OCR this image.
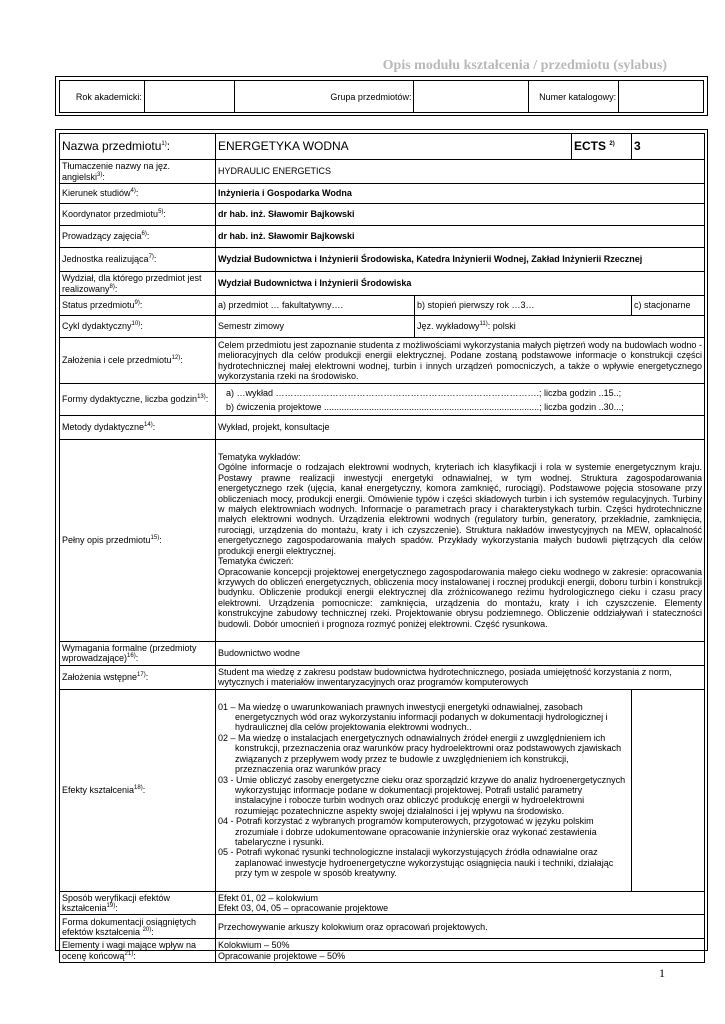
Opis modułu kształcenia / przedmiotu (sylabus)
Rok akademicki:		Grupa przedmiotów:		Numer katalogowy:	
Nazwa przedmiotu$^{1)}$:	ENERGETYKA WODNA		ECTS $^{2)}$	3
Tłumaczenie nazwy na jęz. angielski$^{3)}$:	HYDRAULIC ENERGETICS			
Kierunek studiów$^{4)}$:	Inżynieria i Gospodarka Wodna			
Koordynator przedmiotu$^{5)}$:	dr hab. inż. Sławomir Bajkowski			
Prowadzący zajęcia$^{6)}$:	dr hab. inż. Sławomir Bajkowski			
Jednostka realizująca$^{7)}$:	Wydział Budownictwa i Inżynierii Środowiska, Katedra Inżynierii Wodnej, Zakład Inżynierii Rzecznej			
Wydział, dla którego przedmiot jest realizowany$^{8)}$:	Wydział Budownictwa i Inżynierii Środowiska			
Status przedmiotu$^{9)}$:	a) przedmiot … fakultatywny….	b) stopień pierwszy rok …3…		c) stacjonarne
Cykl dydaktyczny$^{10)}$:	Semestr zimowy	Jęz. wykładowy$^{11)}$: polski		
Założenia i cele przedmiotu$^{12)}$:	Celem przedmiotu jest zapoznanie studenta z możliwościami wykorzystania małych piętrzeń wody na budowlach wodno - melioracyjnych dla celów produkcji energii elektrycznej. Podane zostaną podstawowe informacje o konstrukcji części hydrotechnicznej małej elektrowni wodnej, turbin i innych urządzeń pomocniczych, a także o wpływie energetycznego wykorzystania rzeki na środowisko.			
Formy dydaktyczne, liczba godzin$^{13)}$:	a) …wykład …………………………………………………………………………….; liczba godzin ..15..;
b) ćwiczenia projektowe ......................................................................................; liczba godzin ..30...;			

Metody dydaktyczne$^{14)}$:	Wykład, projekt, konsultacje			
Pełny opis przedmiotu$^{15)}$:	Tematyka wykładów:
Ogólne informacje o rodzajach elektrowni wodnych, kryteriach ich klasyfikacji i rola w systemie energetycznym kraju. Postawy prawne realizacji inwestycji energetyki odnawialnej, w tym wodnej. Struktura zagospodarowania energetycznego rzek (ujęcia, kanał energetyczny, komora zamknięć, rurociągi). Podstawowe pojęcia stosowane przy obliczeniach mocy, produkcji energii. Omówienie typów i części składowych turbin i ich systemów regulacyjnych. Turbiny w małych elektrowniach wodnych. Informacje o parametrach pracy i charakterystykach turbin. Części hydrotechniczne małych elektrowni wodnych. Urządzenia elektrowni wodnych (regulatory turbin, generatory, przekładnie, zamknięcia, rurociągi, urządzenia do montażu, kraty i ich czyszczenie). Struktura nakładów inwestycyjnych na MEW, opłacalność energetycznego zagospodarowania małych spadów. Przykłady wykorzystania małych budowli piętrzących dla celów produkcji energii elektrycznej.
Tematyka ćwiczeń:
Opracowanie koncepcji projektowej energetycznego zagospodarowania małego cieku wodnego w zakresie: opracowania krzywych do obliczeń energetycznych, obliczenia mocy instalowanej i rocznej produkcji energii, doboru turbin i konstrukcji budynku. Obliczenie produkcji energii elektrycznej dla zróżnicowanego reżimu hydrologicznego cieku i czasu pracy elektrowni. Urządzenia pomocnicze: zamknięcia, urządzenia do montażu, kraty i ich czyszczenie. Elementy konstrukcyjne zabudowy technicznej rzeki. Projektowanie obrysu podziemnego. Obliczenie oddziaływań i stateczności budowli. Dobór umocnień i prognoza rozmyć poniżej elektrowni. Część rysunkowa.			

Wymagania formalne (przedmioty wprowadzające)$^{16)}$:	Budownictwo wodne			
Założenia wstępne$^{17)}$:	Student ma wiedzę z zakresu podstaw budownictwa hydrotechnicznego, posiada umiejętność korzystania z norm, wytycznych i materiałów inwentaryzacyjnych oraz programów komputerowych			
Efekty kształcenia$^{18)}$:	01 – Ma wiedzę o uwarunkowaniach prawnych inwestycji energetyki odnawialnej, zasobach energetycznych wód oraz wykorzystaniu informacji podanych w dokumentacji hydrologicznej i hydraulicznej dla celów projektowania elektrowni wodnych..
02 – Ma wiedzę o instalacjach energetycznych odnawialnych źródeł energii z uwzględnieniem ich konstrukcji, przeznaczenia oraz warunków pracy hydroelektrowni oraz podstawowych zjawiskach związanych z przepływem wody przez te budowle z uwzględnieniem ich konstrukcji, przeznaczenia oraz warunków pracy
03 - Umie obliczyć zasoby energetyczne cieku oraz sporządzić krzywe do analiz hydroenergetycznych wykorzystując informacje podane w dokumentacji projektowej. Potrafi ustalić parametry instalacyjne i robocze turbin wodnych oraz obliczyć produkcję energii w hydroelektrowni rozumiejąc pozatechniczne aspekty swojej działalności i jej wpływu na środowisko.
04 - Potrafi korzystać z wybranych programów komputerowych, przygotować w języku polskim zrozumiałe i dobrze udokumentowane opracowanie inżynierskie oraz wykonać zestawienia tabelaryczne i rysunki.
05 - Potrafi wykonać rysunki technologiczne instalacji wykorzystujących źródła odnawialne oraz zaplanować inwestycje hydroenergetyczne wykorzystując osiągnięcia nauki i techniki, działając przy tym w zespole w sposób kreatywny.			

Sposób weryfikacji efektów kształcenia$^{19)}$:	Efekt 01, 02 – kolokwium
Efekt 03, 04, 05 – opracowanie projektowe			

Forma dokumentacji osiągniętych efektów kształcenia $^{20)}$:	Przechowywanie arkuszy kolokwium oraz opracowań projektowych.			
Elementy i wagi mające wpływ na ocenę końcową$^{21)}$:	Kolokwium – 50%
Opracowanie projektowe – 50%			
1
